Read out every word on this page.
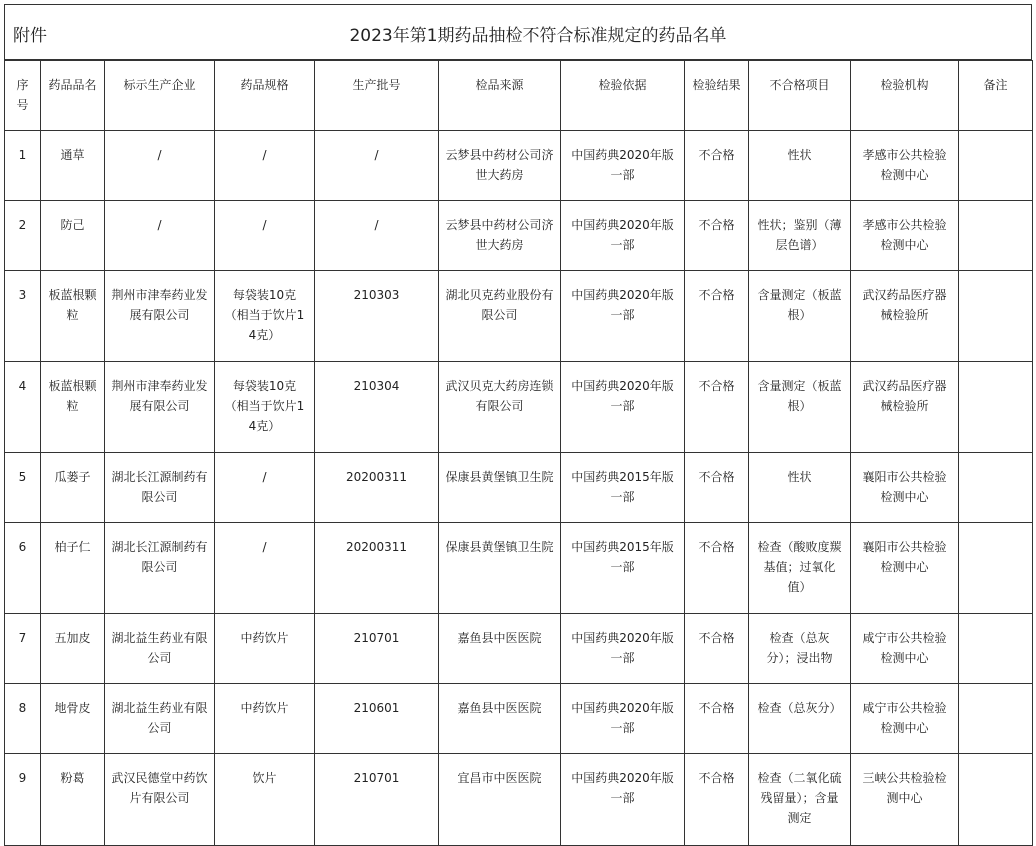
附件	2023年第1期药品抽检不符合标准规定的药品名单
序号	药品品名	标示生产企业	药品规格	生产批号	检品来源	检验依据	检验结果	不合格项目	检验机构	备注
1	通草	/	/	/	云梦县中药材公司济世大药房	中国药典2020年版一部	不合格	性状	孝感市公共检验检测中心	
2	防己	/	/	/	云梦县中药材公司济世大药房	中国药典2020年版一部	不合格	性状；鉴别（薄层色谱）	孝感市公共检验检测中心	
3	板蓝根颗粒	荆州市津奉药业发展有限公司	每袋装10克（相当于饮片14克）	210303	湖北贝克药业股份有限公司	中国药典2020年版一部	不合格	含量测定（板蓝根）	武汉药品医疗器械检验所	
4	板蓝根颗粒	荆州市津奉药业发展有限公司	每袋装10克（相当于饮片14克）	210304	武汉贝克大药房连锁有限公司	中国药典2020年版一部	不合格	含量测定（板蓝根）	武汉药品医疗器械检验所	
5	瓜蒌子	湖北长江源制药有限公司	/	20200311	保康县黄堡镇卫生院	中国药典2015年版一部	不合格	性状	襄阳市公共检验检测中心	
6	柏子仁	湖北长江源制药有限公司	/	20200311	保康县黄堡镇卫生院	中国药典2015年版一部	不合格	检查（酸败度羰基值；过氧化值）	襄阳市公共检验检测中心	
7	五加皮	湖北益生药业有限公司	中药饮片	210701	嘉鱼县中医医院	中国药典2020年版一部	不合格	检查（总灰分）；浸出物	咸宁市公共检验检测中心	
8	地骨皮	湖北益生药业有限公司	中药饮片	210601	嘉鱼县中医医院	中国药典2020年版一部	不合格	检查（总灰分）	咸宁市公共检验检测中心	
9	粉葛	武汉民德堂中药饮片有限公司	饮片	210701	宜昌市中医医院	中国药典2020年版一部	不合格	检查（二氧化硫残留量）；含量测定	三峡公共检验检测中心	
